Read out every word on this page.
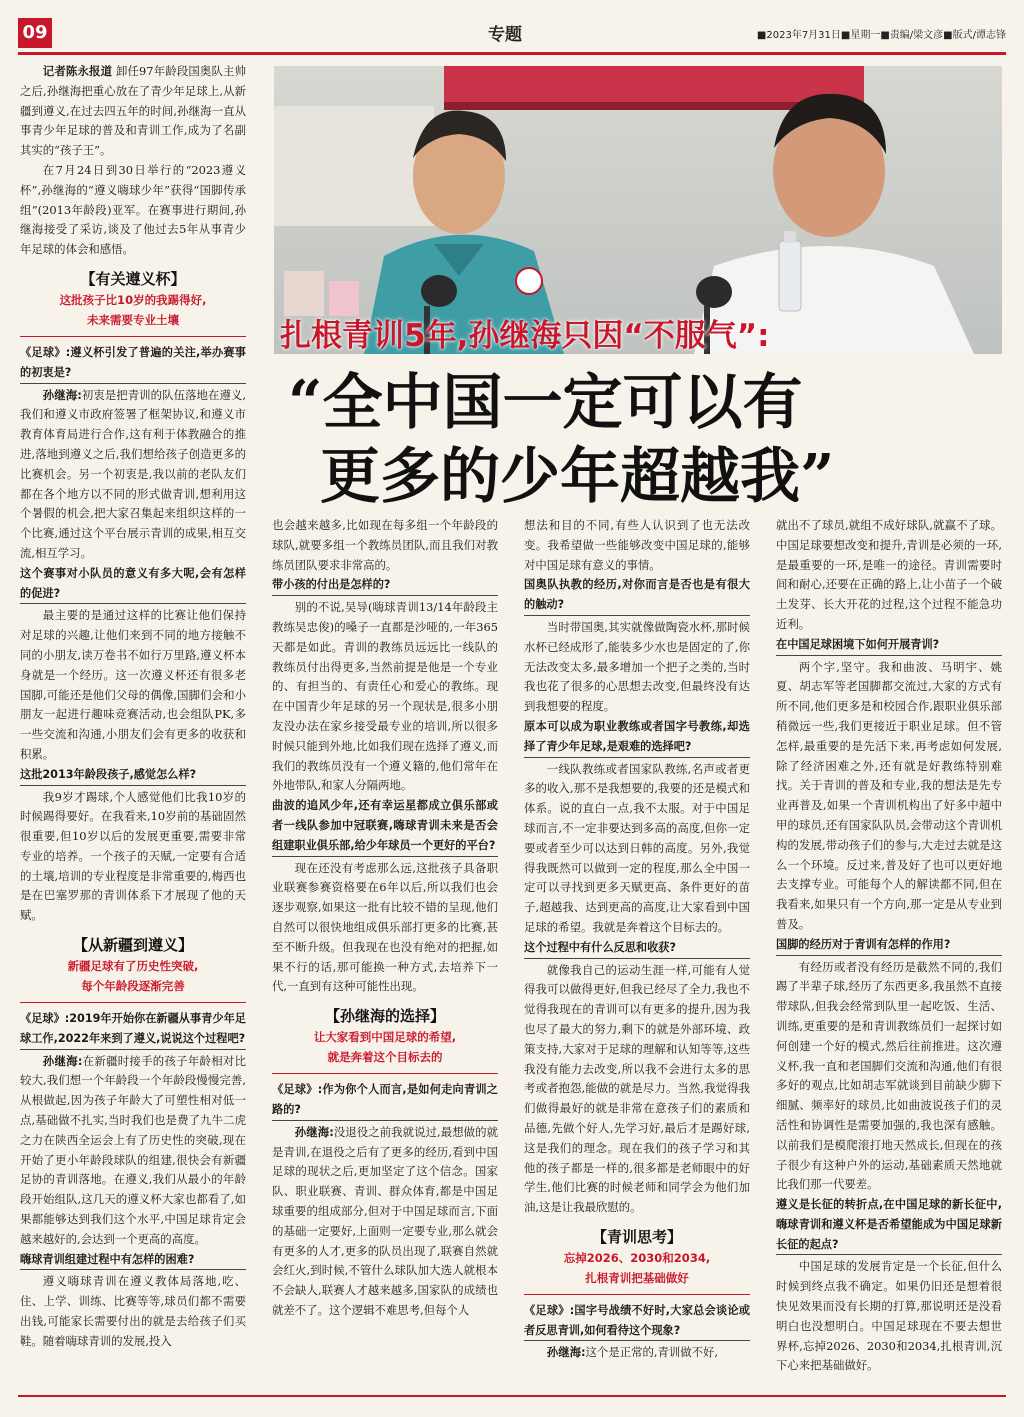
09	专题	■2023年7月31日■星期一■责编/梁文彦■版式/谭志锋
扎根青训5年,孙继海只因“不服气”:
“全中国一定可以有
更多的少年超越我”

记者陈永报道 卸任97年龄段国奥队主帅之后,孙继海把重心放在了青少年足球上,从新疆到遵义,在过去四五年的时间,孙继海一直从事青少年足球的普及和青训工作,成为了名副其实的“孩子王”。

在7月24日到30日举行的“2023遵义杯”,孙继海的“遵义嗨球少年”获得“国脚传承组”(2013年龄段)亚军。在赛事进行期间,孙继海接受了采访,谈及了他过去5年从事青少年足球的体会和感悟。

【有关遵义杯】
这批孩子比10岁的我踢得好,
未来需要专业土壤

《足球》:遵义杯引发了普遍的关注,举办赛事的初衷是?

孙继海:初衷是把青训的队伍落地在遵义,我们和遵义市政府签署了框架协议,和遵义市教育体育局进行合作,这有利于体教融合的推进,落地到遵义之后,我们想给孩子创造更多的比赛机会。另一个初衷是,我以前的老队友们都在各个地方以不同的形式做青训,想利用这个暑假的机会,把大家召集起来组织这样的一个比赛,通过这个平台展示青训的成果,相互交流,相互学习。

这个赛事对小队员的意义有多大呢,会有怎样的促进?

最主要的是通过这样的比赛让他们保持对足球的兴趣,让他们来到不同的地方接触不同的小朋友,读万卷书不如行万里路,遵义杯本身就是一个经历。这一次遵义杯还有很多老国脚,可能还是他们父母的偶像,国脚们会和小朋友一起进行趣味竞赛活动,也会组队PK,多一些交流和沟通,小朋友们会有更多的收获和积累。

这批2013年龄段孩子,感觉怎么样?

我9岁才踢球,个人感觉他们比我10岁的时候踢得要好。在我看来,10岁前的基础固然很重要,但10岁以后的发展更重要,需要非常专业的培养。一个孩子的天赋,一定要有合适的土壤,培训的专业程度是非常重要的,梅西也是在巴塞罗那的青训体系下才展现了他的天赋。

【从新疆到遵义】
新疆足球有了历史性突破,
每个年龄段逐渐完善

《足球》:2019年开始你在新疆从事青少年足球工作,2022年来到了遵义,说说这个过程吧?

孙继海:在新疆时接手的孩子年龄相对比较大,我们想一个年龄段一个年龄段慢慢完善,从根做起,因为孩子年龄大了可塑性相对低一点,基础做不扎实,当时我们也是费了九牛二虎之力在陕西全运会上有了历史性的突破,现在开始了更小年龄段球队的组建,很快会有新疆足协的青训落地。在遵义,我们从最小的年龄段开始组队,这几天的遵义杯大家也都看了,如果都能够达到我们这个水平,中国足球肯定会越来越好的,会达到一个更高的高度。

嗨球青训组建过程中有怎样的困难?

遵义嗨球青训在遵义教体局落地,吃、住、上学、训练、比赛等等,球员们都不需要出钱,可能家长需要付出的就是去给孩子们买鞋。随着嗨球青训的发展,投入

也会越来越多,比如现在每多组一个年龄段的球队,就要多组一个教练员团队,而且我们对教练员团队要求非常高的。

带小孩的付出是怎样的?

别的不说,吴导(嗨球青训13/14年龄段主教练吴忠俊)的嗓子一直都是沙哑的,一年365天都是如此。青训的教练员远远比一线队的教练员付出得更多,当然前提是他是一个专业的、有担当的、有责任心和爱心的教练。现在中国青少年足球的另一个现状是,很多小朋友没办法在家乡接受最专业的培训,所以很多时候只能到外地,比如我们现在选择了遵义,而我们的教练员没有一个遵义籍的,他们常年在外地带队,和家人分隔两地。

曲波的追风少年,还有幸运星都成立俱乐部或者一线队参加中冠联赛,嗨球青训未来是否会组建职业俱乐部,给少年球员一个更好的平台?

现在还没有考虑那么远,这批孩子具备职业联赛参赛资格要在6年以后,所以我们也会逐步观察,如果这一批有比较不错的呈现,他们自然可以很快地组成俱乐部打更多的比赛,甚至不断升级。但我现在也没有绝对的把握,如果不行的话,那可能换一种方式,去培养下一代,一直到有这种可能性出现。

【孙继海的选择】
让大家看到中国足球的希望,
就是奔着这个目标去的

《足球》:作为你个人而言,是如何走向青训之路的?

孙继海:没退役之前我就说过,最想做的就是青训,在退役之后有了更多的经历,看到中国足球的现状之后,更加坚定了这个信念。国家队、职业联赛、青训、群众体育,都是中国足球重要的组成部分,但对于中国足球而言,下面的基础一定要好,上面则一定要专业,那么就会有更多的人才,更多的队员出现了,联赛自然就会红火,到时候,不管什么球队加大选人就根本不会缺人,联赛人才越来越多,国家队的成绩也就差不了。这个逻辑不难思考,但每个人

想法和目的不同,有些人认识到了也无法改变。我希望做一些能够改变中国足球的,能够对中国足球有意义的事情。

国奥队执教的经历,对你而言是否也是有很大的触动?

当时带国奥,其实就像做陶瓷水杯,那时候水杯已经成形了,能装多少水也是固定的了,你无法改变太多,最多增加一个把子之类的,当时我也花了很多的心思想去改变,但最终没有达到我想要的程度。

原本可以成为职业教练或者国字号教练,却选择了青少年足球,是艰难的选择吧?

一线队教练或者国家队教练,名声或者更多的收入,那不是我想要的,我要的还是模式和体系。说的直白一点,我不太服。对于中国足球而言,不一定非要达到多高的高度,但你一定要或者至少可以达到日韩的高度。另外,我觉得我既然可以做到一定的程度,那么全中国一定可以寻找到更多天赋更高、条件更好的苗子,超越我、达到更高的高度,让大家看到中国足球的希望。我就是奔着这个目标去的。

这个过程中有什么反思和收获?

就像我自己的运动生涯一样,可能有人觉得我可以做得更好,但我已经尽了全力,我也不觉得我现在的青训可以有更多的提升,因为我也尽了最大的努力,剩下的就是外部环境、政策支持,大家对于足球的理解和认知等等,这些我没有能力去改变,所以我不会进行太多的思考或者抱怨,能做的就是尽力。当然,我觉得我们做得最好的就是非常在意孩子们的素质和品德,先做个好人,先学习好,最后才是踢好球,这是我们的理念。现在我们的孩子学习和其他的孩子都是一样的,很多都是老师眼中的好学生,他们比赛的时候老师和同学会为他们加油,这是让我最欣慰的。

【青训思考】
忘掉2026、2030和2034,
扎根青训把基础做好

《足球》:国字号战绩不好时,大家总会谈论或者反思青训,如何看待这个现象?

孙继海:这个是正常的,青训做不好,

就出不了球员,就组不成好球队,就赢不了球。中国足球要想改变和提升,青训是必须的一环,是最重要的一环,是唯一的途径。青训需要时间和耐心,还要在正确的路上,让小苗子一个破土发芽、长大开花的过程,这个过程不能急功近利。

在中国足球困境下如何开展青训?

两个字,坚守。我和曲波、马明宇、姚夏、胡志军等老国脚都交流过,大家的方式有所不同,他们更多是和校园合作,跟职业俱乐部稍微远一些,我们更接近于职业足球。但不管怎样,最重要的是先活下来,再考虑如何发展,除了经济困难之外,还有就是好教练特别难找。关于青训的普及和专业,我的想法是先专业再普及,如果一个青训机构出了好多中超中甲的球员,还有国家队队员,会带动这个青训机构的发展,带动孩子们的参与,大走过去就是这么一个环境。反过来,普及好了也可以更好地去支撑专业。可能每个人的解读都不同,但在我看来,如果只有一个方向,那一定是从专业到普及。

国脚的经历对于青训有怎样的作用?

有经历或者没有经历是截然不同的,我们踢了半辈子球,经历了东西更多,我虽然不直接带球队,但我会经常到队里一起吃饭、生活、训练,更重要的是和青训教练员们一起探讨如何创建一个好的模式,然后往前推进。这次遵义杯,我一直和老国脚们交流和沟通,他们有很多好的观点,比如胡志军就谈到目前缺少脚下细腻、频率好的球员,比如曲波说孩子们的灵活性和协调性是需要加强的,我也深有感触。以前我们是模爬滚打地天然成长,但现在的孩子很少有这种户外的运动,基础素质天然地就比我们那一代要差。

遵义是长征的转折点,在中国足球的新长征中,嗨球青训和遵义杯是否希望能成为中国足球新长征的起点?

中国足球的发展肯定是一个长征,但什么时候到终点我不确定。如果仍旧还是想着很快见效果而没有长期的打算,那说明还是没看明白也没想明白。中国足球现在不要去想世界杯,忘掉2026、2030和2034,扎根青训,沉下心来把基础做好。
